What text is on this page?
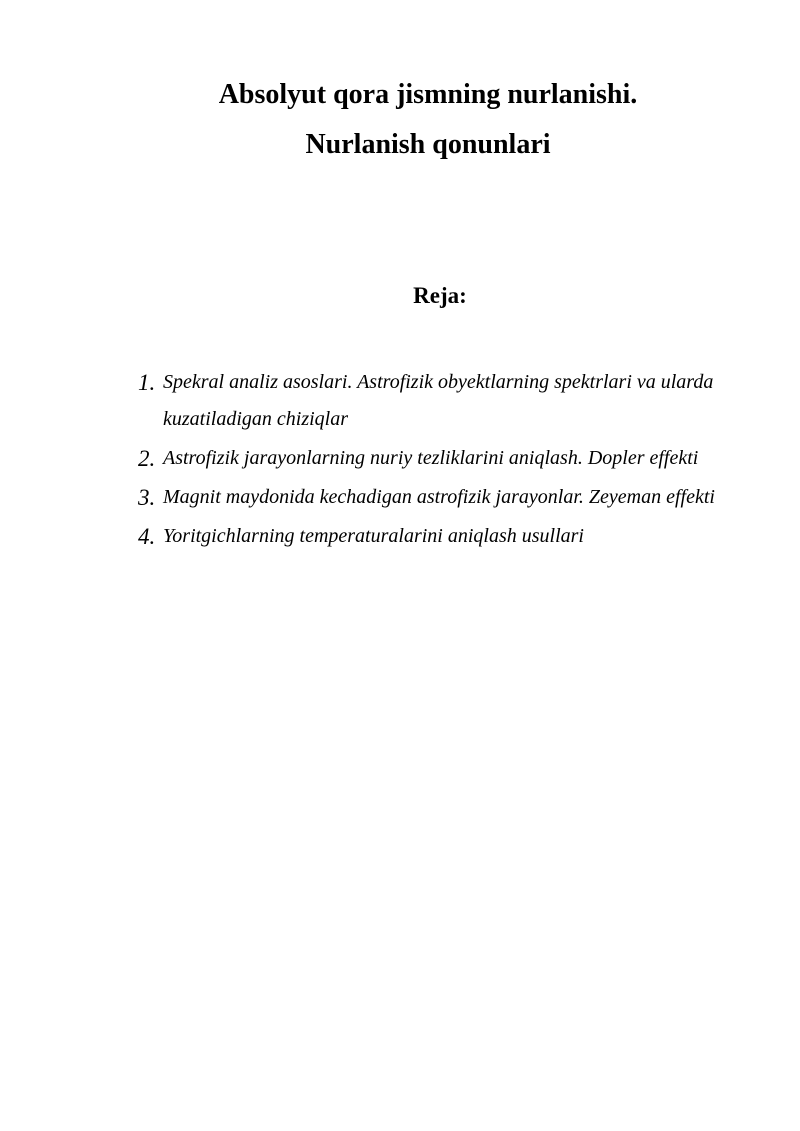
Absolyut qora jismning nurlanishi.
Nurlanish qonunlari
Reja:
1. Spekral analiz asoslari. Astrofizik obyektlarning spektrlari va ularda kuzatiladigan chiziqlar
2. Astrofizik jarayonlarning nuriy tezliklarini aniqlash. Dopler effekti
3. Magnit maydonida kechadigan astrofizik jarayonlar. Zeyeman effekti
4. Yoritgichlarning temperaturalarini aniqlash usullari
